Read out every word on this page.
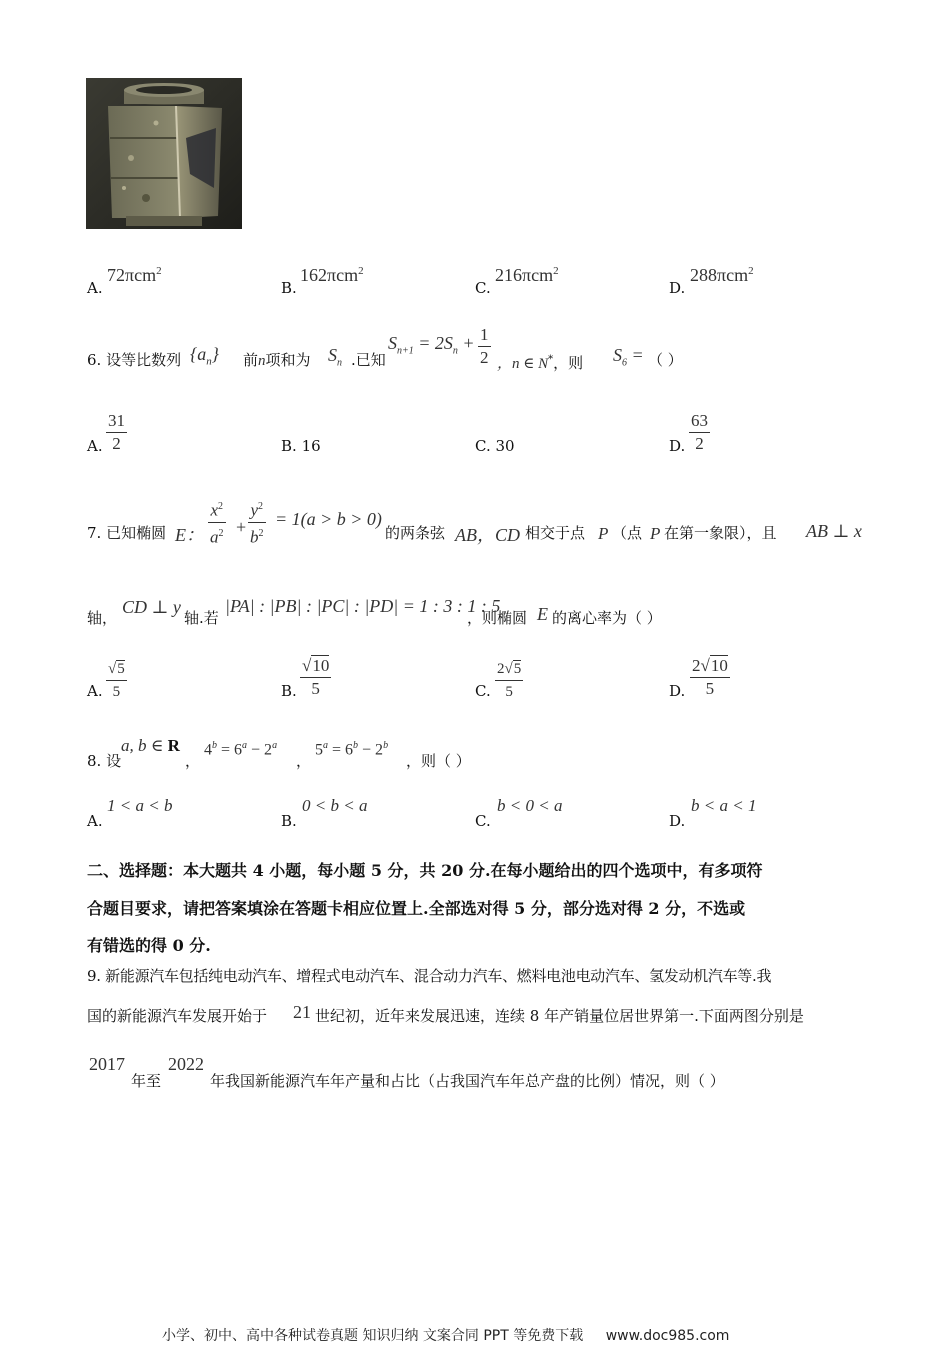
A.
72πcm$^2$
B.
162πcm$^2$
C.
216πcm$^2$
D.
288πcm$^2$
6. 设等比数列 $\{a_n\}$ 前n项和为 $S_n$ .已知
$S_{n+1} = 2S_n + \frac{1}{2}$ ，n ∈ N*，则 $S_6$ = （ ）
A. $\frac{31}{2}$	B. 16	C. 30	D. $\frac{63}{2}$
7. 已知椭圆 E： $\frac{x^2}{a^2} + \frac{y^2}{b^2} = 1(a > b > 0)$
的两条弦 AB，CD 相交于点 P （点 P 在第一象限），且 AB ⊥ x
轴，
CD ⊥ y
轴.若
|PA| : |PB| : |PC| : |PD| = 1 : 3 : 1 : 5
，则椭圆 E 的离心率为（ ）
A. $\frac{√5}{5}$	B. $\frac{√10}{5}$	C. $\frac{2√5}{5}$	D. $\frac{2√10}{5}$
8. 设
a, b ∈ R
，
$4^b = 6^a - 2^a$
，
$5^a = 6^b - 2^b$
，则（ ）
A.
1 < a < b
B.
0 < b < a
C.
b < 0 < a
D.
b < a < 1
二、选择题：本大题共 4 小题，每小题 5 分，共 20 分.在每小题给出的四个选项中，有多项符
合题目要求，请把答案填涂在答题卡相应位置上.全部选对得 5 分，部分选对得 2 分，不选或
有错选的得 0 分.
9. 新能源汽车包括纯电动汽车、增程式电动汽车、混合动力汽车、燃料电池电动汽车、氢发动机汽车等.我
国的新能源汽车发展开始于 21 世纪初，近年来发展迅速，连续 8 年产销量位居世界第一.下面两图分别是
2017
年至
2022
年我国新能源汽车年产量和占比（占我国汽车年总产盘的比例）情况，则（ ）
小学、初中、高中各种试卷真题 知识归纳 文案合同 PPT 等免费下载 www.doc985.com
